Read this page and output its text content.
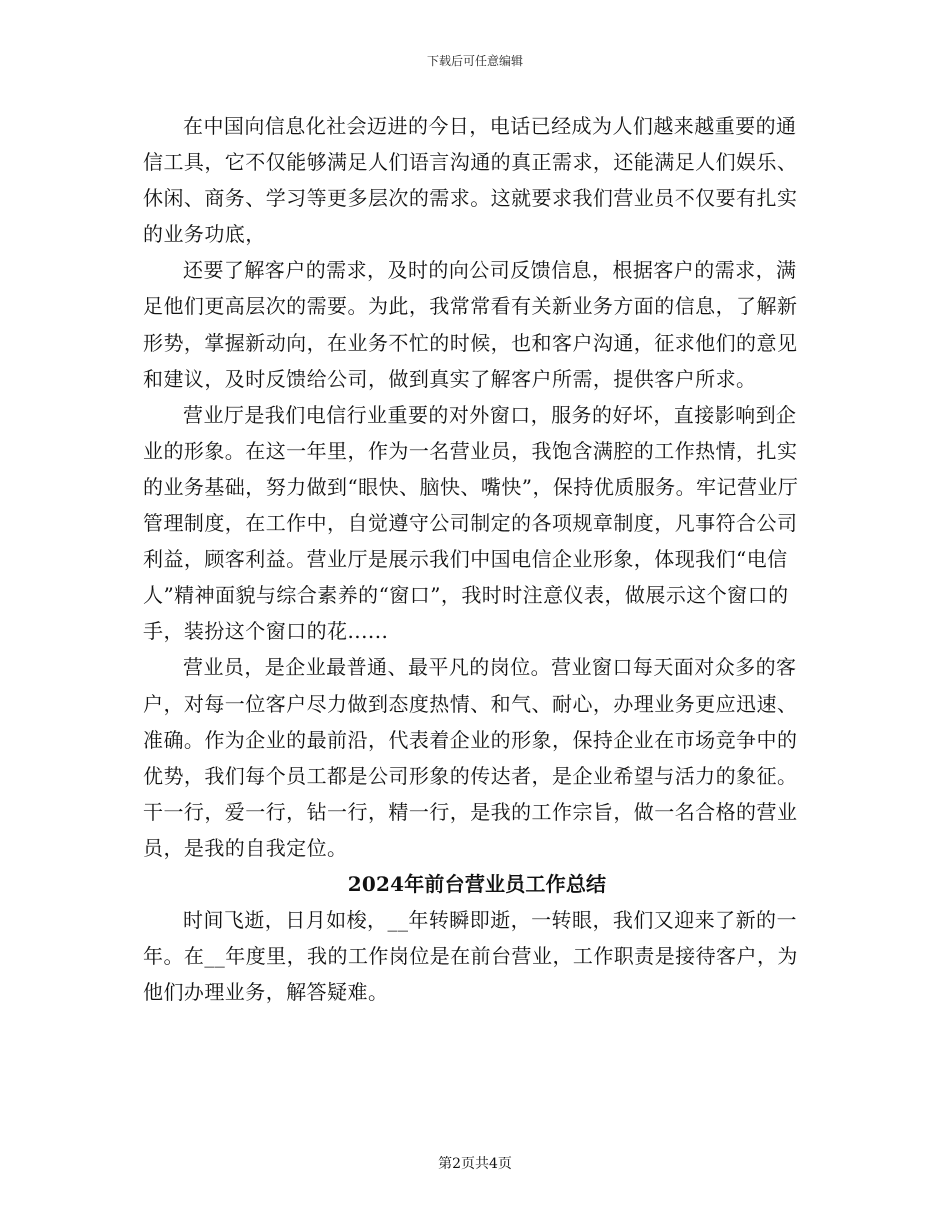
下载后可任意编辑

在中国向信息化社会迈进的今日，电话已经成为人们越来越重要的通信工具，它不仅能够满足人们语言沟通的真正需求，还能满足人们娱乐、休闲、商务、学习等更多层次的需求。这就要求我们营业员不仅要有扎实的业务功底，

还要了解客户的需求，及时的向公司反馈信息，根据客户的需求，满足他们更高层次的需要。为此，我常常看有关新业务方面的信息，了解新形势，掌握新动向，在业务不忙的时候，也和客户沟通，征求他们的意见和建议，及时反馈给公司，做到真实了解客户所需，提供客户所求。

营业厅是我们电信行业重要的对外窗口，服务的好坏，直接影响到企业的形象。在这一年里，作为一名营业员，我饱含满腔的工作热情，扎实的业务基础，努力做到“眼快、脑快、嘴快”，保持优质服务。牢记营业厅管理制度，在工作中，自觉遵守公司制定的各项规章制度，凡事符合公司利益，顾客利益。营业厅是展示我们中国电信企业形象，体现我们“电信人”精神面貌与综合素养的“窗口”，我时时注意仪表，做展示这个窗口的手，装扮这个窗口的花......

营业员，是企业最普通、最平凡的岗位。营业窗口每天面对众多的客户，对每一位客户尽力做到态度热情、和气、耐心，办理业务更应迅速、准确。作为企业的最前沿，代表着企业的形象，保持企业在市场竞争中的优势，我们每个员工都是公司形象的传达者，是企业希望与活力的象征。干一行，爱一行，钻一行，精一行，是我的工作宗旨，做一名合格的营业员，是我的自我定位。

2024年前台营业员工作总结

时间飞逝，日月如梭，__年转瞬即逝，一转眼，我们又迎来了新的一年。在__年度里，我的工作岗位是在前台营业，工作职责是接待客户，为他们办理业务，解答疑难。

第2页共4页
